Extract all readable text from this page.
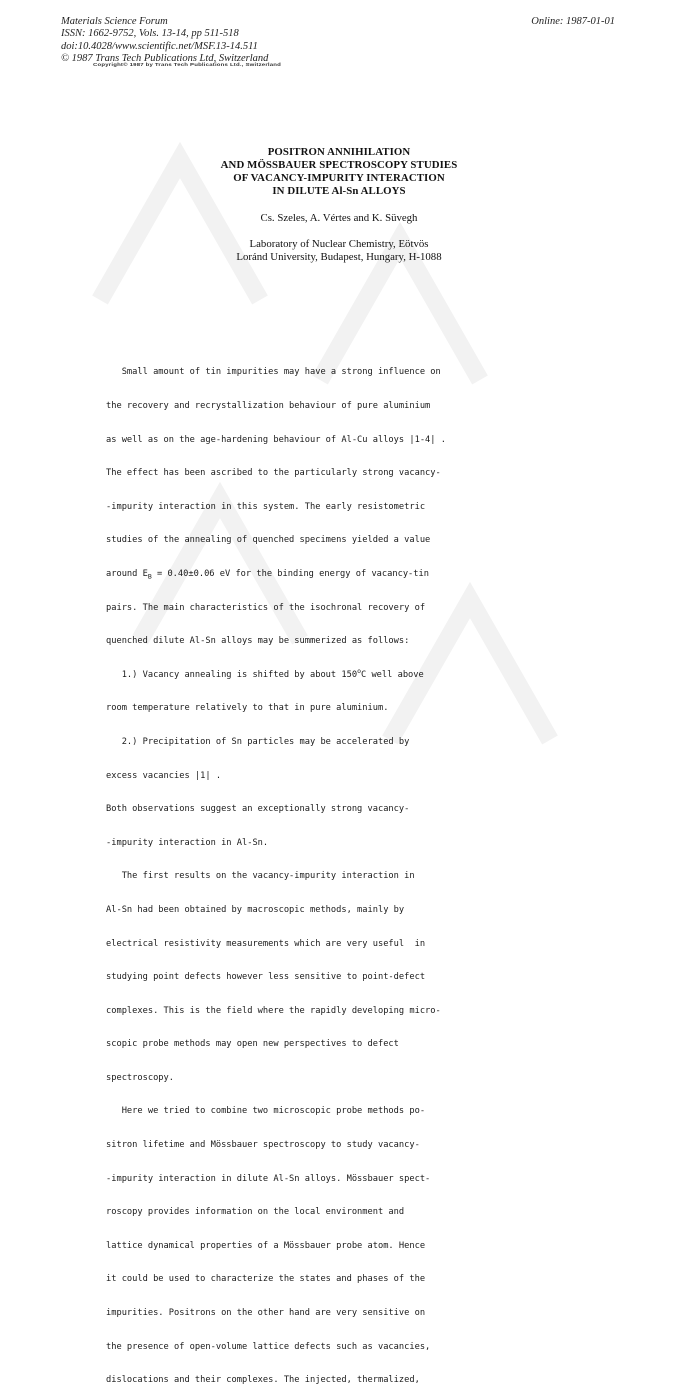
Materials Science Forum
ISSN: 1662-9752, Vols. 13-14, pp 511-518
doi:10.4028/www.scientific.net/MSF.13-14.511
© 1987 Trans Tech Publications Ltd, Switzerland
Online: 1987-01-01
Copyright© 1987 by Trans Tech Publications Ltd., Switzerland
POSITRON ANNIHILATION
AND MÖSSBAUER SPECTROSCOPY STUDIES
OF VACANCY-IMPURITY INTERACTION
IN DILUTE Al-Sn ALLOYS
Cs. Szeles, A. Vértes and K. Süvegh
Laboratory of Nuclear Chemistry, Eötvös
Loránd University, Budapest, Hungary, H-1088

Small amount of tin impurities may have a strong influence on

the recovery and recrystallization behaviour of pure aluminium

as well as on the age-hardening behaviour of Al-Cu alloys |1-4| .

The effect has been ascribed to the particularly strong vacancy-

-impurity interaction in this system. The early resistometric

studies of the annealing of quenched specimens yielded a value

around $E_B = 0.40\pm 0.06$ eV for the binding energy of vacancy-tin

pairs. The main characteristics of the isochronal recovery of

quenched dilute Al-Sn alloys may be summerized as follows:

1.) Vacancy annealing is shifted by about 150$^o$C well above

room temperature relatively to that in pure aluminium.

2.) Precipitation of Sn particles may be accelerated by

excess vacancies |1| .

Both observations suggest an exceptionally strong vacancy-

-impurity interaction in Al-Sn.

The first results on the vacancy-impurity interaction in

Al-Sn had been obtained by macroscopic methods, mainly by

electrical resistivity measurements which are very useful  in

studying point defects however less sensitive to point-defect

complexes. This is the field where the rapidly developing micro-

scopic probe methods may open new perspectives to defect

spectroscopy.

Here we tried to combine two microscopic probe methods po-

sitron lifetime and Mössbauer spectroscopy to study vacancy-

-impurity interaction in dilute Al-Sn alloys. Mössbauer spect-

roscopy provides information on the local environment and

lattice dynamical properties of a Mössbauer probe atom. Hence

it could be used to characterize the states and phases of the

impurities. Positrons on the other hand are very sensitive on

the presence of open-volume lattice defects such as vacancies,

dislocations and their complexes. The injected, thermalized,
